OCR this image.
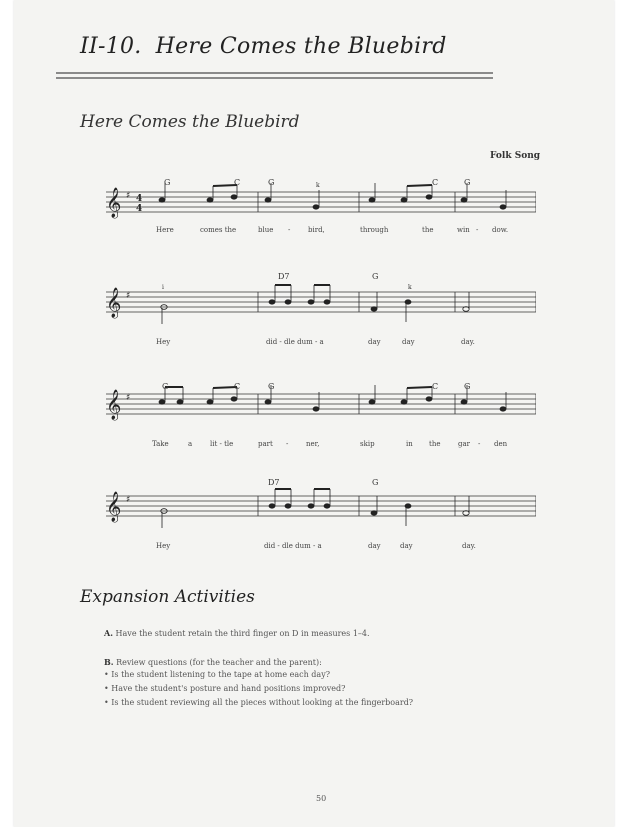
II-10. Here Comes the Bluebird
Here Comes the Bluebird
Folk Song
𝄞 ♯ 4
4
G	C	G	k	C	G
Here	comes the	blue -	bird,	through	the	win - dow.
𝄞 ♯
i
D7	G
k
Hey	did - dle dum - a	day	day	day.
𝄞 ♯
G	C	G	C	G
Take	a	lit - tle	part -	ner,	skip	in the	gar - den
𝄞 ♯
D7	G
Hey	did - dle dum - a	day	day	day.
Expansion Activities
A. Have the student retain the third finger on D in measures 1–4.
B. Review questions (for the teacher and the parent):
• Is the student listening to the tape at home each day?
• Have the student's posture and hand positions improved?
• Is the student reviewing all the pieces without looking at the fingerboard?
50
